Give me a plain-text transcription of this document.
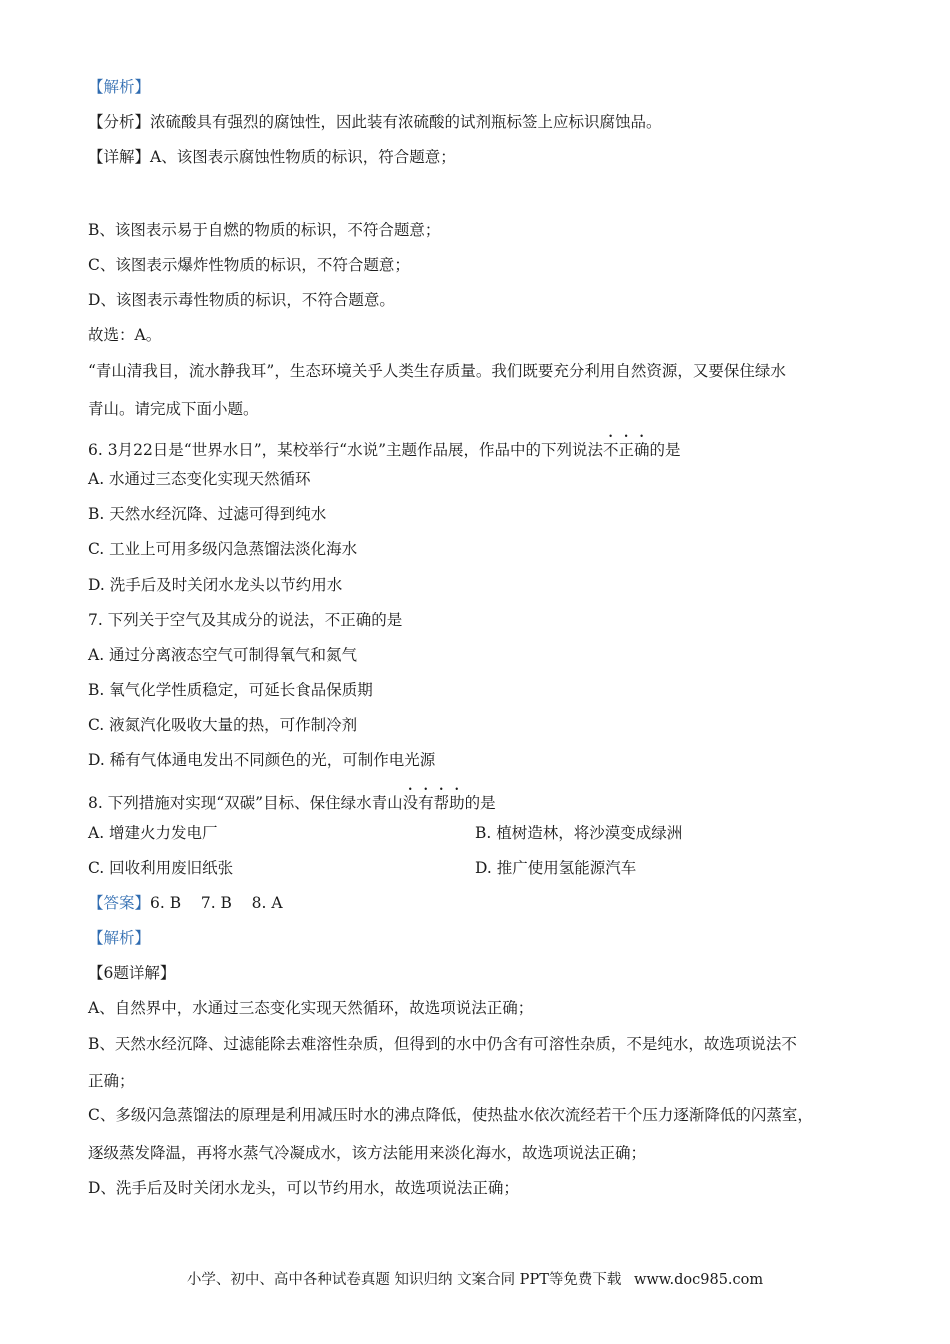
【解析】
【分析】浓硫酸具有强烈的腐蚀性，因此装有浓硫酸的试剂瓶标签上应标识腐蚀品。
【详解】A、该图表示腐蚀性物质的标识，符合题意；
B、该图表示易于自燃的物质的标识，不符合题意；
C、该图表示爆炸性物质的标识，不符合题意；
D、该图表示毒性物质的标识，不符合题意。
故选：A。
“青山清我目，流水静我耳”，生态环境关乎人类生存质量。我们既要充分利用自然资源，又要保住绿水
青山。请完成下面小题。
6. 3月22日是“世界水日”，某校举行“水说”主题作品展，作品中的下列说法不正确的是
A. 水通过三态变化实现天然循环
B. 天然水经沉降、过滤可得到纯水
C. 工业上可用多级闪急蒸馏法淡化海水
D. 洗手后及时关闭水龙头以节约用水
7. 下列关于空气及其成分的说法，不正确的是
A. 通过分离液态空气可制得氧气和氮气
B. 氧气化学性质稳定，可延长食品保质期
C. 液氮汽化吸收大量的热，可作制冷剂
D. 稀有气体通电发出不同颜色的光，可制作电光源
8. 下列措施对实现“双碳”目标、保住绿水青山没有帮助的是
A. 增建火力发电厂	B. 植树造林，将沙漠变成绿洲
C. 回收利用废旧纸张	D. 推广使用氢能源汽车
【答案】6. B    7. B    8. A
【解析】
【6题详解】
A、自然界中，水通过三态变化实现天然循环，故选项说法正确；
B、天然水经沉降、过滤能除去难溶性杂质，但得到的水中仍含有可溶性杂质，不是纯水，故选项说法不
正确；
C、多级闪急蒸馏法的原理是利用减压时水的沸点降低，使热盐水依次流经若干个压力逐渐降低的闪蒸室，
逐级蒸发降温，再将水蒸气冷凝成水，该方法能用来淡化海水，故选项说法正确；
D、洗手后及时关闭水龙头，可以节约用水，故选项说法正确；
小学、初中、高中各种试卷真题 知识归纳 文案合同 PPT等免费下载 www.doc985.com
